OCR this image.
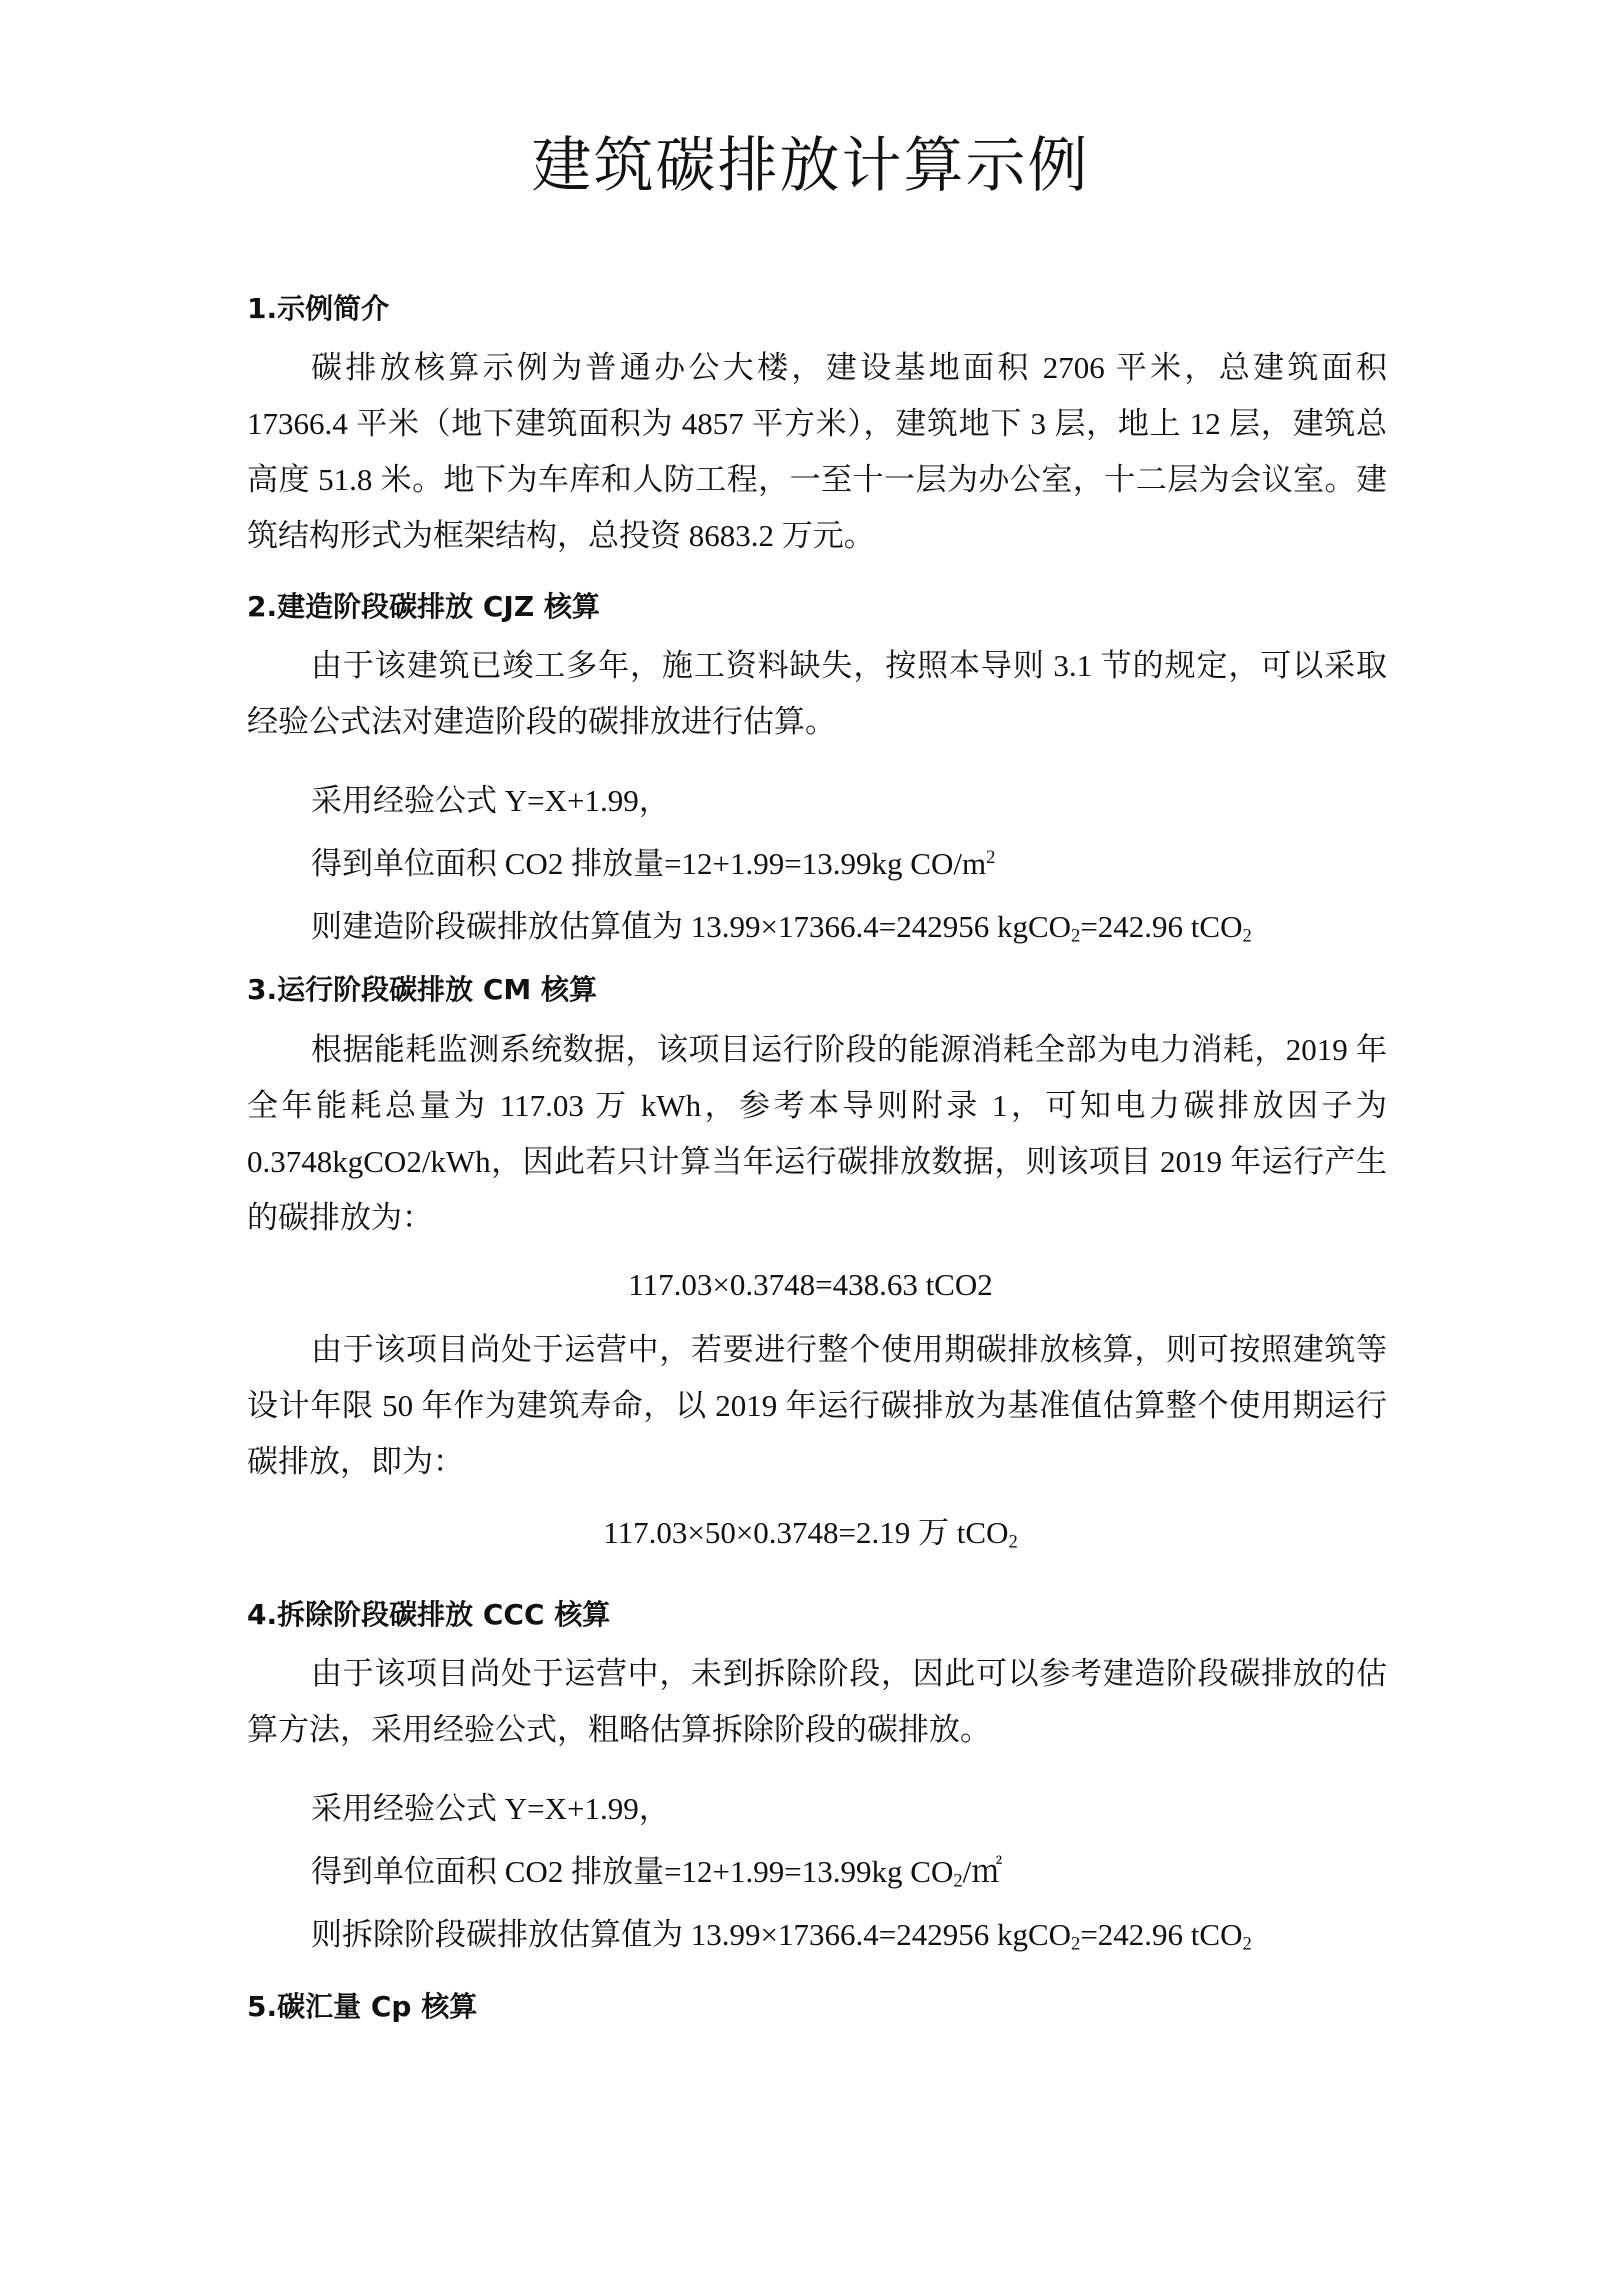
建筑碳排放计算示例
1.示例简介

碳排放核算示例为普通办公大楼，建设基地面积 2706 平米，总建筑面积 17366.4 平米（地下建筑面积为 4857 平方米），建筑地下 3 层，地上 12 层，建筑总高度 51.8 米。地下为车库和人防工程，一至十一层为办公室，十二层为会议室。建筑结构形式为框架结构，总投资 8683.2 万元。

2.建造阶段碳排放 CJZ 核算

由于该建筑已竣工多年，施工资料缺失，按照本导则 3.1 节的规定，可以采取经验公式法对建造阶段的碳排放进行估算。

采用经验公式 Y=X+1.99，

得到单位面积 CO2 排放量=12+1.99=13.99kg $CO/m^2$

则建造阶段碳排放估算值为 13.99×17366.4=242956 kgCO$_2$=242.96 tCO$_2$

3.运行阶段碳排放 CM 核算

根据能耗监测系统数据，该项目运行阶段的能源消耗全部为电力消耗，2019 年全年能耗总量为 117.03 万 kWh，参考本导则附录 1，可知电力碳排放因子为 0.3748kgCO2/kWh，因此若只计算当年运行碳排放数据，则该项目 2019 年运行产生的碳排放为：

117.03×0.3748=438.63 tCO2

由于该项目尚处于运营中，若要进行整个使用期碳排放核算，则可按照建筑等设计年限 50 年作为建筑寿命，以 2019 年运行碳排放为基准值估算整个使用期运行碳排放，即为：

117.03×50×0.3748=2.19 万 tCO$_2$

4.拆除阶段碳排放 CCC 核算

由于该项目尚处于运营中，未到拆除阶段，因此可以参考建造阶段碳排放的估算方法，采用经验公式，粗略估算拆除阶段的碳排放。

采用经验公式 Y=X+1.99，

得到单位面积 CO2 排放量=12+1.99=13.99kg $CO_2/㎡$

则拆除阶段碳排放估算值为 13.99×17366.4=242956 kgCO$_2$=242.96 tCO$_2$

5.碳汇量 Cp 核算
